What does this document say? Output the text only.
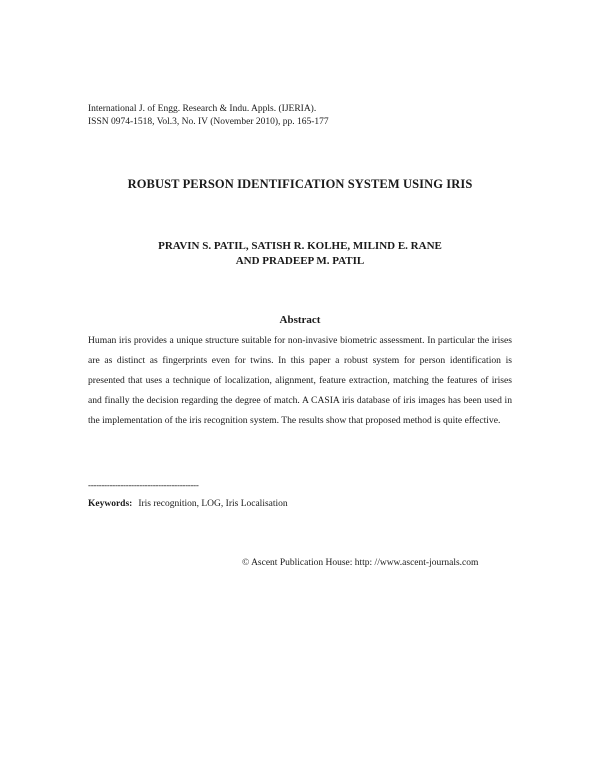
International J. of Engg. Research & Indu. Appls. (IJERIA).
ISSN 0974-1518, Vol.3, No. IV (November 2010), pp. 165-177
ROBUST PERSON IDENTIFICATION SYSTEM USING IRIS
PRAVIN S. PATIL, SATISH R. KOLHE, MILIND E. RANE
AND PRADEEP M. PATIL
Abstract
Human iris provides a unique structure suitable for non-invasive biometric assessment. In particular the irises are as distinct as fingerprints even for twins. In this paper a robust system for person identification is presented that uses a technique of localization, alignment, feature extraction, matching the features of irises and finally the decision regarding the degree of match. A CASIA iris database of iris images has been used in the implementation of the iris recognition system. The results show that proposed method is quite effective.
-----------------------------------------
Keywords: Iris recognition, LOG, Iris Localisation
© Ascent Publication House: http: //www.ascent-journals.com
